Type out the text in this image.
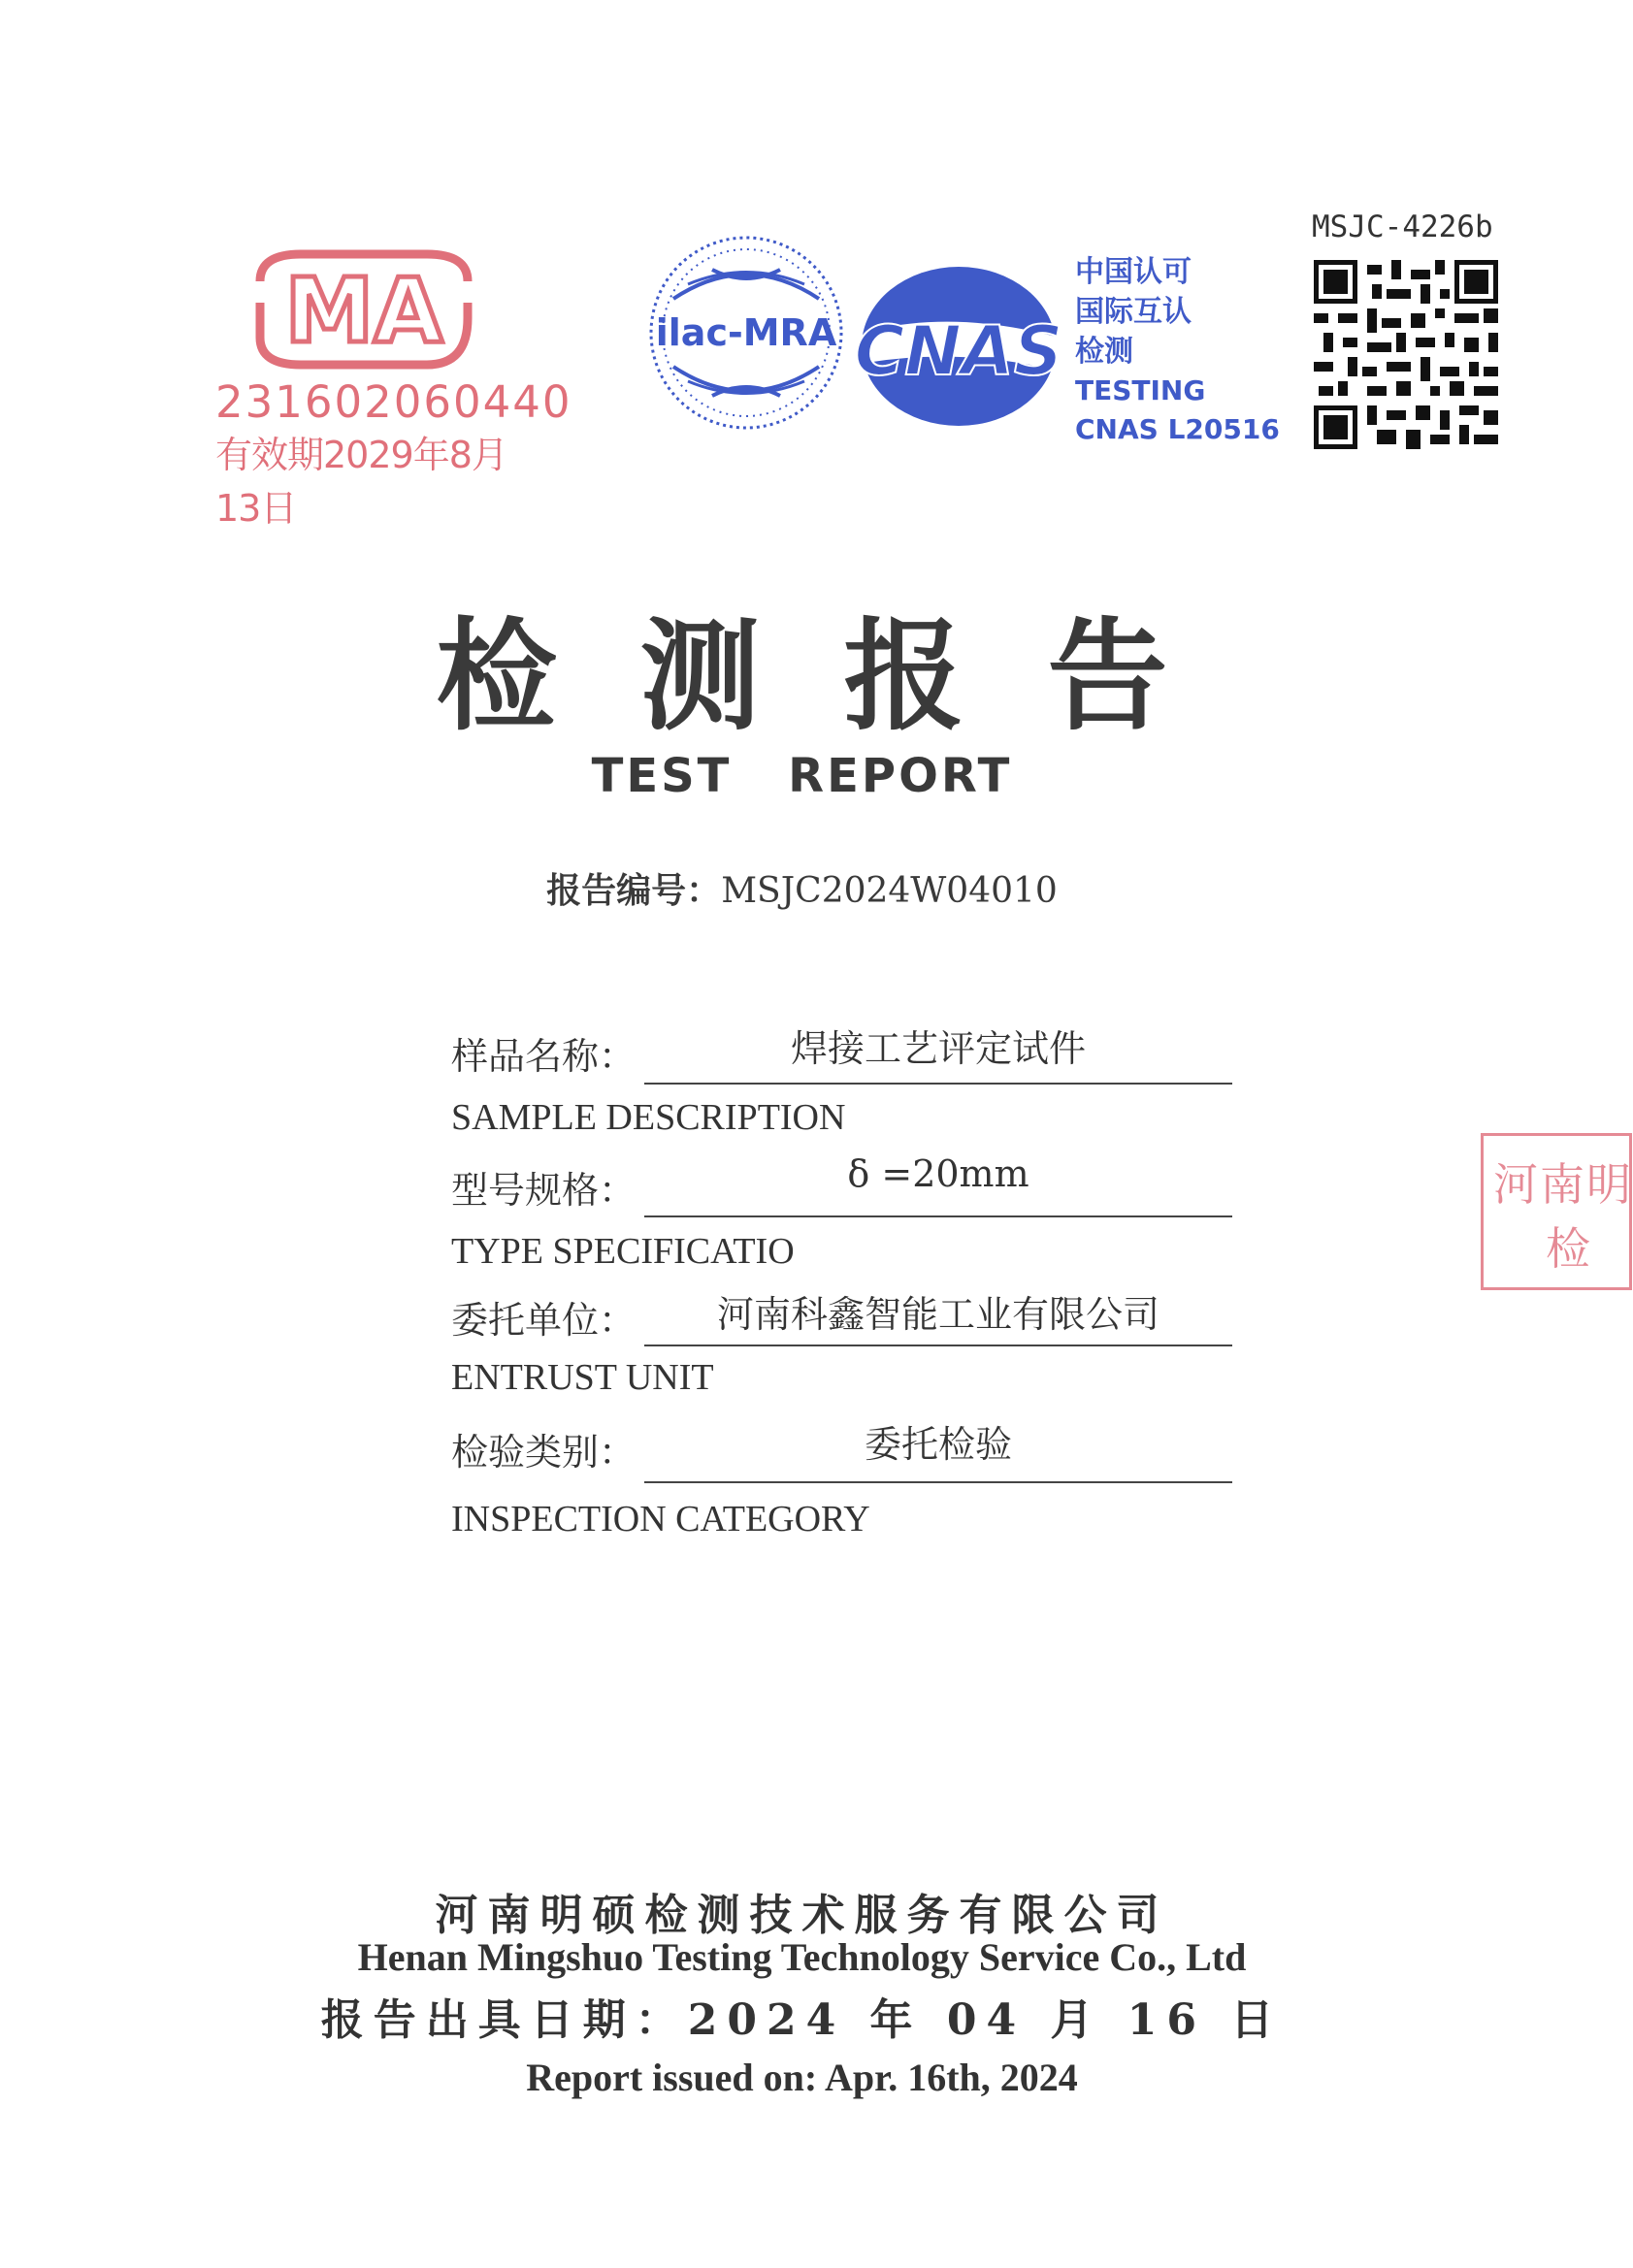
MA
231602060440
有效期2029年8月13日
ilac-MRA CNAS
中国认可
国际互认
检测
TESTING
CNAS L20516
MSJC-4226b
检测报告
TEST REPORT
报告编号：MSJC2024W04010
样品名称：	焊接工艺评定试件
SAMPLE DESCRIPTION
型号规格：	δ =20mm
TYPE SPECIFICATIO
委托单位：	河南科鑫智能工业有限公司
ENTRUST UNIT
检验类别：	委托检验
INSPECTION CATEGORY
河南明
检
河南明硕检测技术服务有限公司
Henan Mingshuo Testing Technology Service Co., Ltd
报告出具日期：2024 年 04 月 16 日
Report issued on: Apr. 16th, 2024
